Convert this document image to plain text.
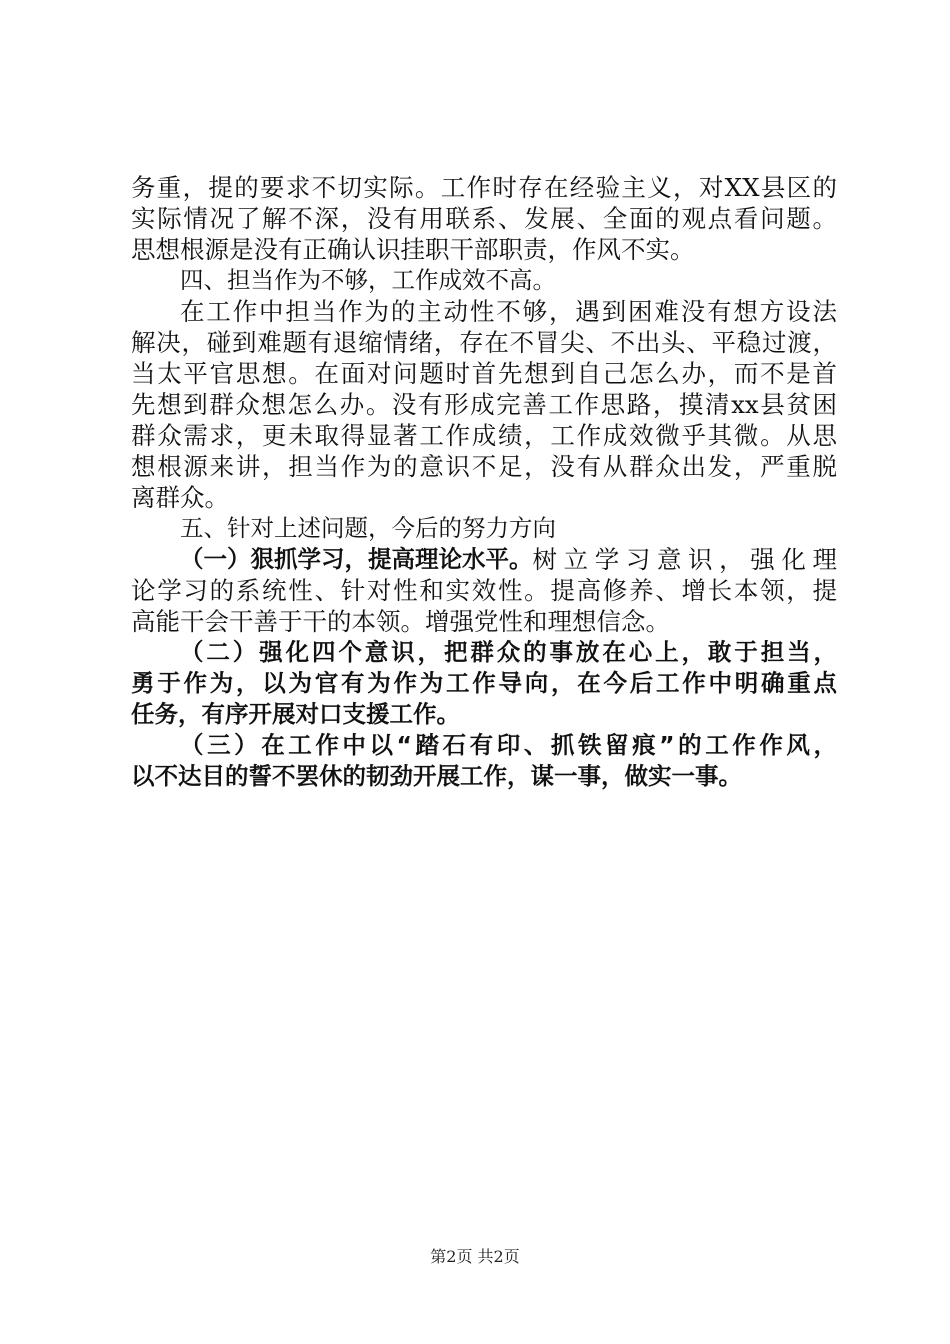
务重，提的要求不切实际。工作时存在经验主义，对XX县区的
实际情况了解不深，没有用联系、发展、全面的观点看问题。
思想根源是没有正确认识挂职干部职责，作风不实。
四、担当作为不够，工作成效不高。
在工作中担当作为的主动性不够，遇到困难没有想方设法
解决，碰到难题有退缩情绪，存在不冒尖、不出头、平稳过渡，
当太平官思想。在面对问题时首先想到自己怎么办，而不是首
先想到群众想怎么办。没有形成完善工作思路，摸清xx县贫困
群众需求，更未取得显著工作成绩，工作成效微乎其微。从思
想根源来讲，担当作为的意识不足，没有从群众出发，严重脱
离群众。
五、针对上述问题，今后的努力方向
（一）狠抓学习，提高理论水平。 树立学习意识，强化理
论学习的系统性、针对性和实效性。提高修养、增长本领，提
高能干会干善于干的本领。增强党性和理想信念。
（二）强化四个意识，把群众的事放在心上，敢于担当，
勇于作为，以为官有为作为工作导向，在今后工作中明确重点
任务，有序开展对口支援工作。
（三）在工作中以“踏石有印、抓铁留痕”的工作作风，
以不达目的誓不罢休的韧劲开展工作，谋一事，做实一事。
第2页 共2页
